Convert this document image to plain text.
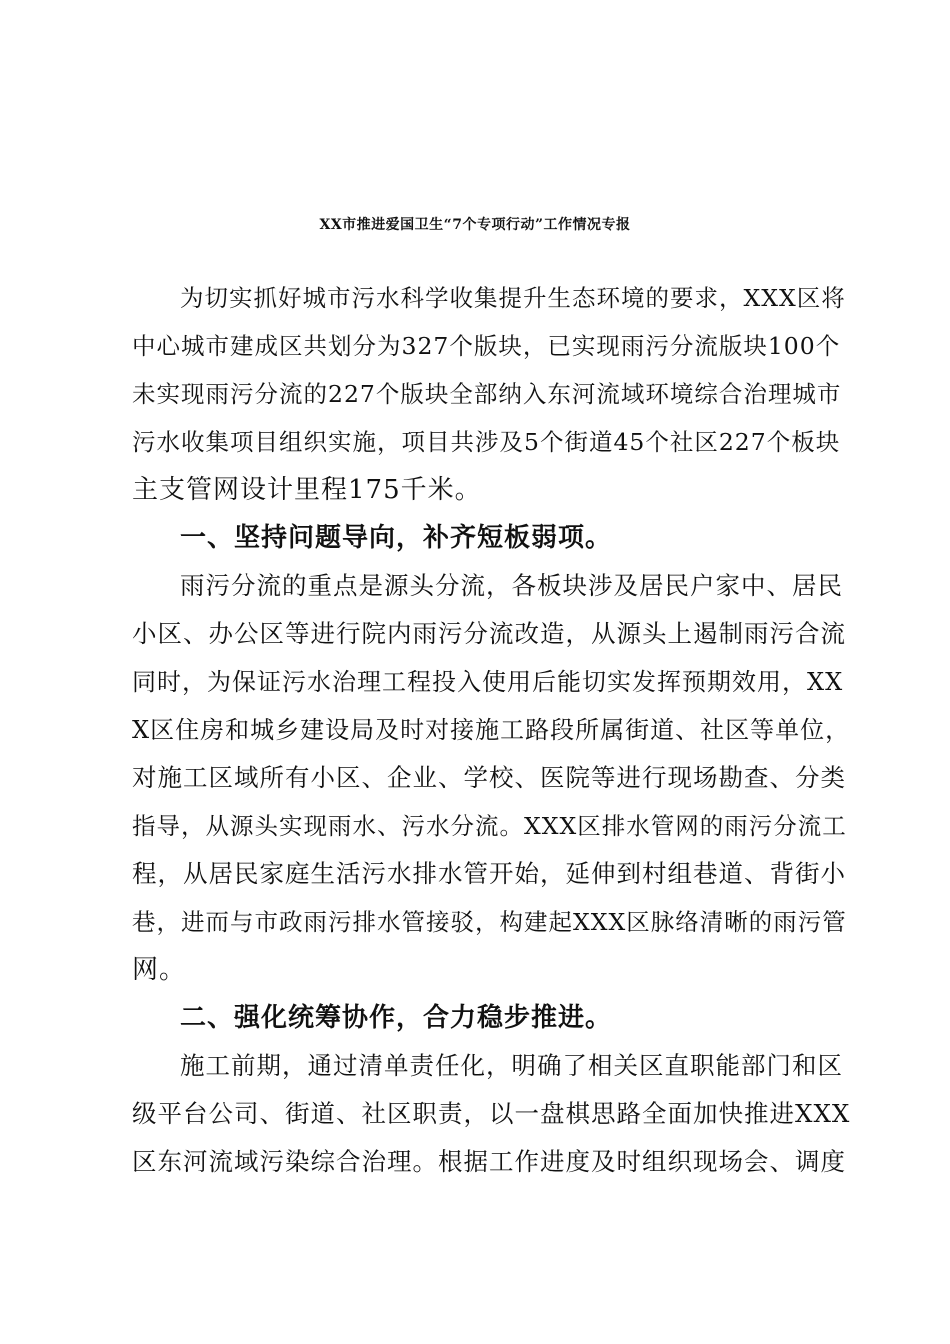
XX市推进爱国卫生“7个专项行动”工作情况专报
为切实抓好城市污水科学收集提升生态环境的要求，XXX区将
中心城市建成区共划分为327个版块，已实现雨污分流版块100个
未实现雨污分流的227个版块全部纳入东河流域环境综合治理城市
污水收集项目组织实施，项目共涉及5个街道45个社区227个板块
主支管网设计里程175千米。
一、坚持问题导向，补齐短板弱项。
雨污分流的重点是源头分流，各板块涉及居民户家中、居民
小区、办公区等进行院内雨污分流改造，从源头上遏制雨污合流
同时，为保证污水治理工程投入使用后能切实发挥预期效用，XX
X区住房和城乡建设局及时对接施工路段所属街道、社区等单位，
对施工区域所有小区、企业、学校、医院等进行现场勘查、分类
指导，从源头实现雨水、污水分流。XXX区排水管网的雨污分流工
程，从居民家庭生活污水排水管开始，延伸到村组巷道、背街小
巷，进而与市政雨污排水管接驳，构建起XXX区脉络清晰的雨污管
网。
二、强化统筹协作，合力稳步推进。
施工前期，通过清单责任化，明确了相关区直职能部门和区
级平台公司、街道、社区职责，以一盘棋思路全面加快推进XXX
区东河流域污染综合治理。根据工作进度及时组织现场会、调度
